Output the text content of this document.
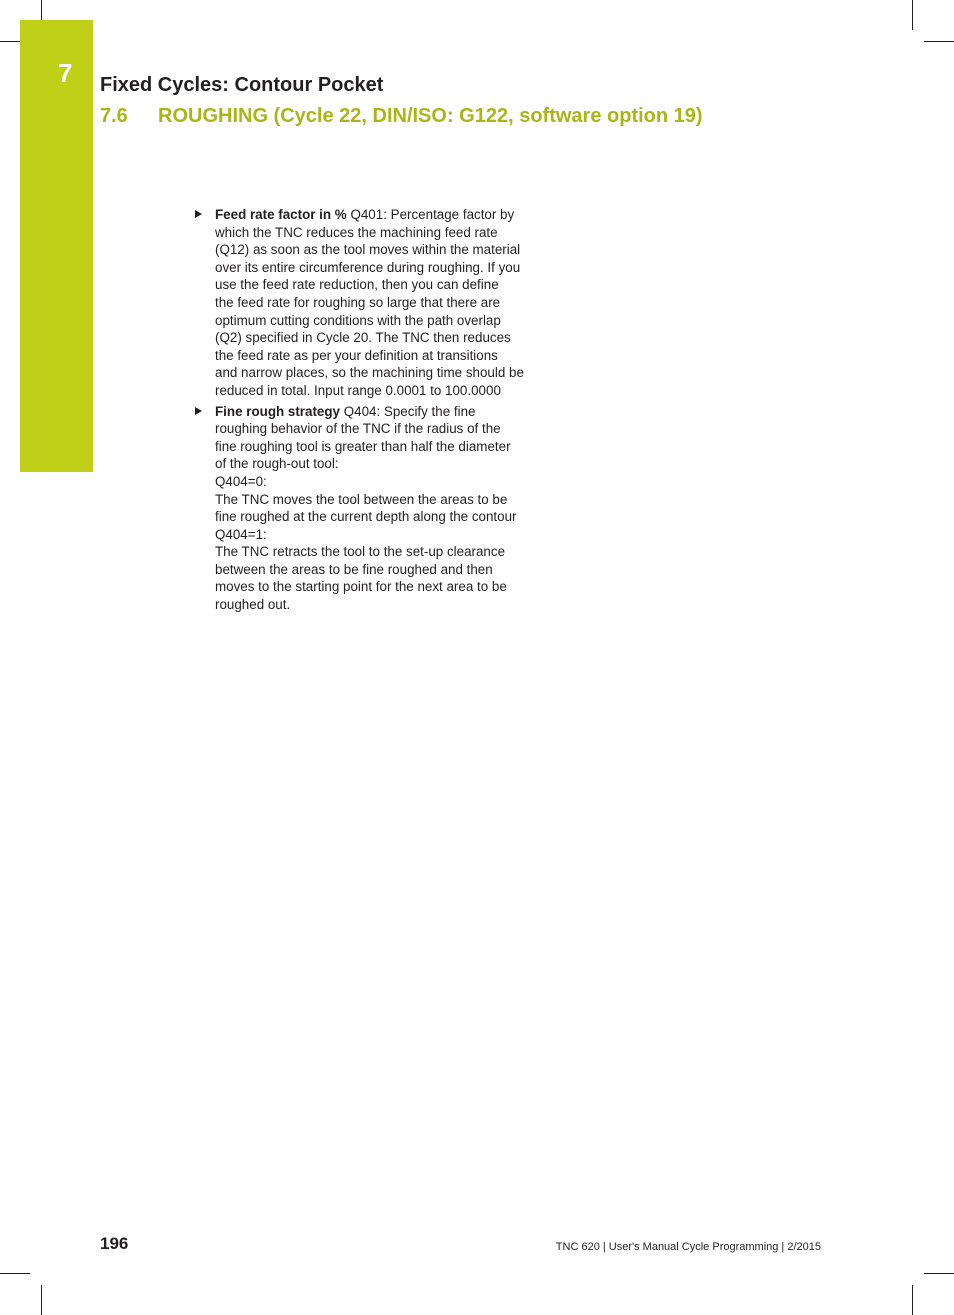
7 Fixed Cycles: Contour Pocket
7.6 ROUGHING (Cycle 22, DIN/ISO: G122, software option 19)
Feed rate factor in % Q401: Percentage factor by
which the TNC reduces the machining feed rate
(Q12) as soon as the tool moves within the material
over its entire circumference during roughing. If you
use the feed rate reduction, then you can define
the feed rate for roughing so large that there are
optimum cutting conditions with the path overlap
(Q2) specified in Cycle 20. The TNC then reduces
the feed rate as per your definition at transitions
and narrow places, so the machining time should be
reduced in total. Input range 0.0001 to 100.0000
Fine rough strategy Q404: Specify the fine
roughing behavior of the TNC if the radius of the
fine roughing tool is greater than half the diameter
of the rough-out tool:
Q404=0:
The TNC moves the tool between the areas to be
fine roughed at the current depth along the contour
Q404=1:
The TNC retracts the tool to the set-up clearance
between the areas to be fine roughed and then
moves to the starting point for the next area to be
roughed out.
196	TNC 620 | User's Manual Cycle Programming | 2/2015
